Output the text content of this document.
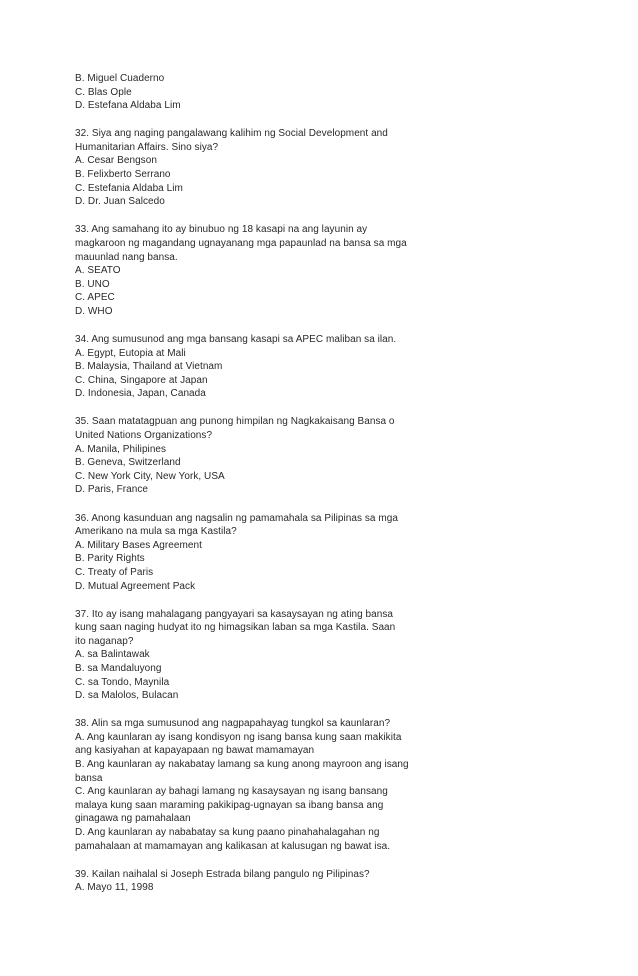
B. Miguel Cuaderno
C. Blas Ople
D. Estefana Aldaba Lim
32. Siya ang naging pangalawang kalihim ng Social Development and
Humanitarian Affairs. Sino siya?
A. Cesar Bengson
B. Felixberto Serrano
C. Estefania Aldaba Lim
D. Dr. Juan Salcedo
33. Ang samahang ito ay binubuo ng 18 kasapi na ang layunin ay
magkaroon ng magandang ugnayanang mga papaunlad na bansa sa mga
mauunlad nang bansa.
A. SEATO
B. UNO
C. APEC
D. WHO
34. Ang sumusunod ang mga bansang kasapi sa APEC maliban sa ilan.
A. Egypt, Eutopia at Mali
B. Malaysia, Thailand at Vietnam
C. China, Singapore at Japan
D. Indonesia, Japan, Canada
35. Saan matatagpuan ang punong himpilan ng Nagkakaisang Bansa o
United Nations Organizations?
A. Manila, Philipines
B. Geneva, Switzerland
C. New York City, New York, USA
D. Paris, France
36. Anong kasunduan ang nagsalin ng pamamahala sa Pilipinas sa mga
Amerikano na mula sa mga Kastila?
A. Military Bases Agreement
B. Parity Rights
C. Treaty of Paris
D. Mutual Agreement Pack
37. Ito ay isang mahalagang pangyayari sa kasaysayan ng ating bansa
kung saan naging hudyat ito ng himagsikan laban sa mga Kastila. Saan
ito naganap?
A. sa Balintawak
B. sa Mandaluyong
C. sa Tondo, Maynila
D. sa Malolos, Bulacan
38. Alin sa mga sumusunod ang nagpapahayag tungkol sa kaunlaran?
A. Ang kaunlaran ay isang kondisyon ng isang bansa kung saan makikita
ang kasiyahan at kapayapaan ng bawat mamamayan
B. Ang kaunlaran ay nakabatay lamang sa kung anong mayroon ang isang
bansa
C. Ang kaunlaran ay bahagi lamang ng kasaysayan ng isang bansang
malaya kung saan maraming pakikipag-ugnayan sa ibang bansa ang
ginagawa ng pamahalaan
D. Ang kaunlaran ay nababatay sa kung paano pinahahalagahan ng
pamahalaan at mamamayan ang kalikasan at kalusugan ng bawat isa.
39. Kailan naihalal si Joseph Estrada bilang pangulo ng Pilipinas?
A. Mayo 11, 1998
